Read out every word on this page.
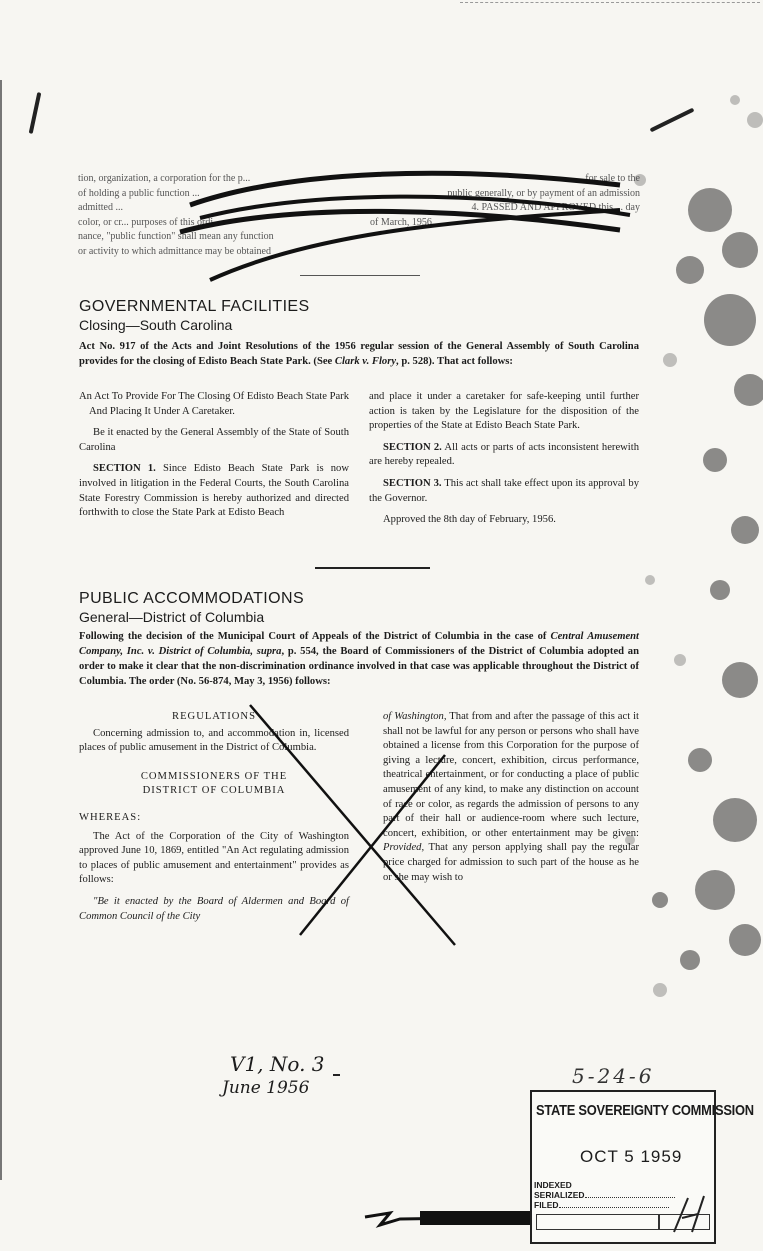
tion, organization, a corporation for the p...
of holding a public function ...
admitted ...
color, or cr... purposes of this ordi-
nance, "public function" shall mean any function
or activity to which admittance may be obtained
for sale to the
public generally, or by payment of an admission
4. PASSED AND APPROVED this ... day
of March, 1956.
GOVERNMENTAL FACILITIES
Closing—South Carolina
Act No. 917 of the Acts and Joint Resolutions of the 1956 regular session of the General Assembly of South Carolina provides for the closing of Edisto Beach State Park. (See Clark v. Flory, p. 528). That act follows:

An Act To Provide For The Closing Of Edisto Beach State Park And Placing It Under A Caretaker.

Be it enacted by the General Assembly of the State of South Carolina

SECTION 1. Since Edisto Beach State Park is now involved in litigation in the Federal Courts, the South Carolina State Forestry Commission is hereby authorized and directed forthwith to close the State Park at Edisto Beach

and place it under a caretaker for safe-keeping until further action is taken by the Legislature for the disposition of the properties of the State at Edisto Beach State Park.

SECTION 2. All acts or parts of acts inconsistent herewith are hereby repealed.

SECTION 3. This act shall take effect upon its approval by the Governor.

Approved the 8th day of February, 1956.

PUBLIC ACCOMMODATIONS
General—District of Columbia
Following the decision of the Municipal Court of Appeals of the District of Columbia in the case of Central Amusement Company, Inc. v. District of Columbia, supra, p. 554, the Board of Commissioners of the District of Columbia adopted an order to make it clear that the non-discrimination ordinance involved in that case was applicable throughout the District of Columbia. The order (No. 56-874, May 3, 1956) follows:

REGULATIONS

Concerning admission to, and accommodation in, licensed places of public amusement in the District of Columbia.

COMMISSIONERS OF THE DISTRICT OF COLUMBIA

WHEREAS:

The Act of the Corporation of the City of Washington approved June 10, 1869, entitled "An Act regulating admission to places of public amusement and entertainment" provides as follows:

"Be it enacted by the Board of Aldermen and Board of Common Council of the City

of Washington, That from and after the passage of this act it shall not be lawful for any person or persons who shall have obtained a license from this Corporation for the purpose of giving a lecture, concert, exhibition, circus performance, theatrical entertainment, or for conducting a place of public amusement of any kind, to make any distinction on account of race or color, as regards the admission of persons to any part of their hall or audience-room where such lecture, concert, exhibition, or other entertainment may be given: Provided, That any person applying shall pay the regular price charged for admission to such part of the house as he or she may wish to

V1, No. 3
June 1956	5-24-6
STATE SOVEREIGNTY COMMISSION
OCT 5 1959
INDEXED
SERIALIZED
FILED
